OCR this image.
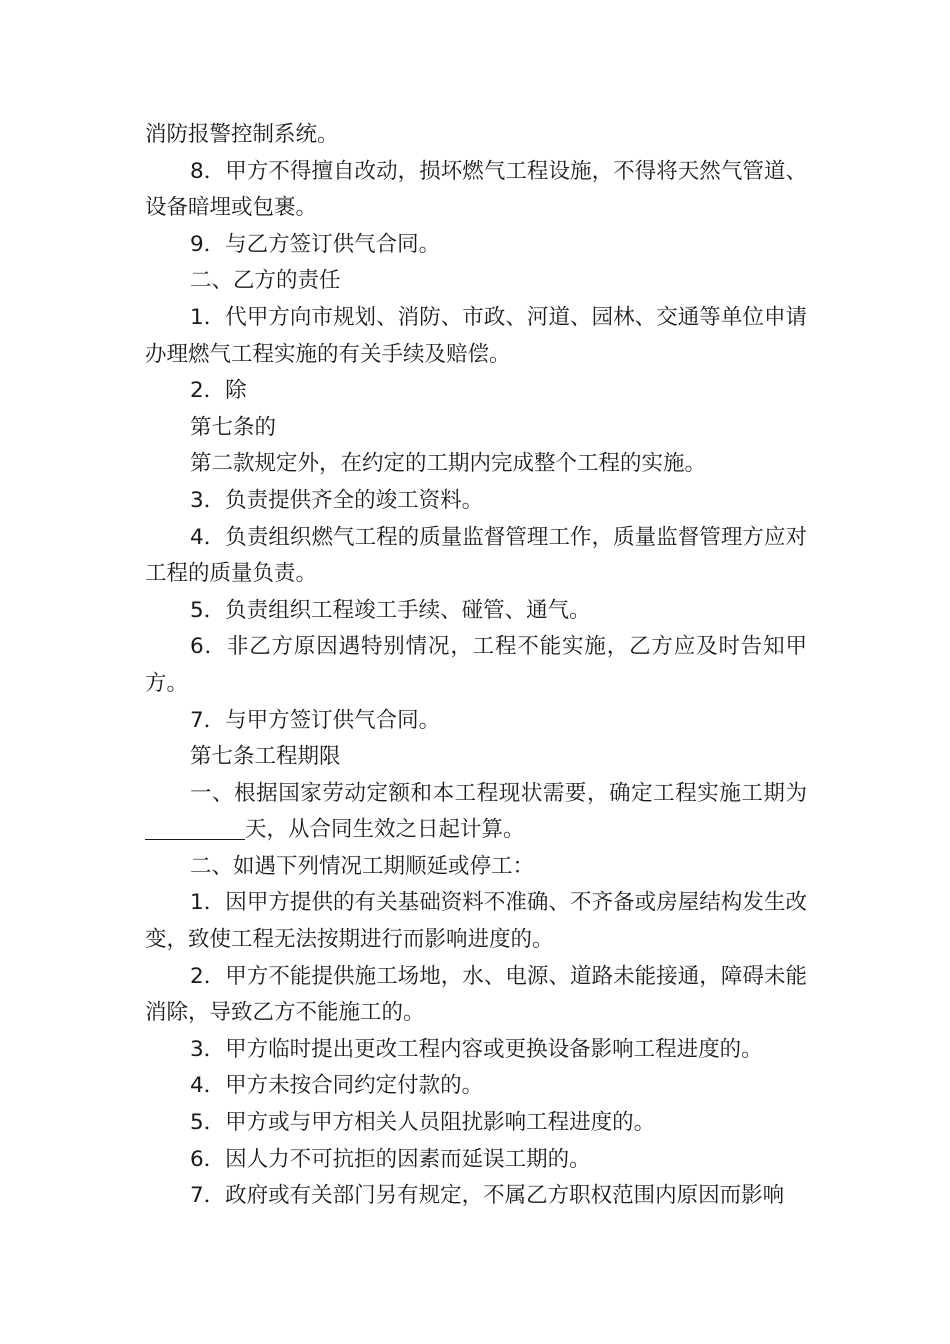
消防报警控制系统。

8．甲方不得擅自改动，损坏燃气工程设施，不得将天然气管道、设备暗埋或包裹。

9．与乙方签订供气合同。

二、乙方的责任

1．代甲方向市规划、消防、市政、河道、园林、交通等单位申请办理燃气工程实施的有关手续及赔偿。

2．除

第七条的

第二款规定外，在约定的工期内完成整个工程的实施。

3．负责提供齐全的竣工资料。

4．负责组织燃气工程的质量监督管理工作，质量监督管理方应对工程的质量负责。

5．负责组织工程竣工手续、碰管、通气。

6．非乙方原因遇特别情况，工程不能实施，乙方应及时告知甲方。

7．与甲方签订供气合同。

第七条工程期限

一、根据国家劳动定额和本工程现状需要，确定工程实施工期为天，从合同生效之日起计算。

二、如遇下列情况工期顺延或停工：

1．因甲方提供的有关基础资料不准确、不齐备或房屋结构发生改变，致使工程无法按期进行而影响进度的。

2．甲方不能提供施工场地，水、电源、道路未能接通，障碍未能消除，导致乙方不能施工的。

3．甲方临时提出更改工程内容或更换设备影响工程进度的。

4．甲方未按合同约定付款的。

5．甲方或与甲方相关人员阻扰影响工程进度的。

6．因人力不可抗拒的因素而延误工期的。

7．政府或有关部门另有规定，不属乙方职权范围内原因而影响
